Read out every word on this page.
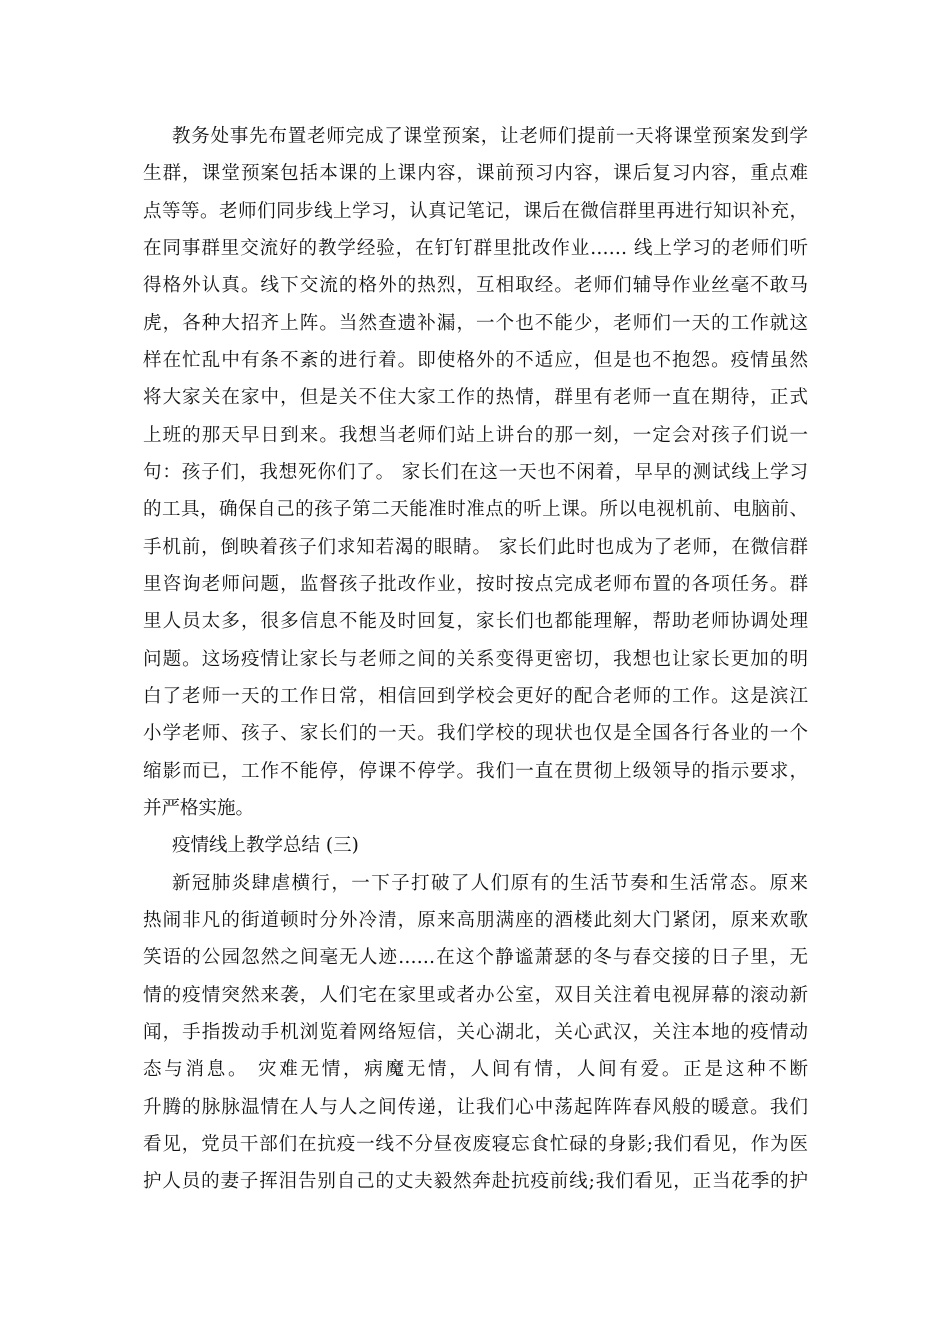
教务处事先布置老师完成了课堂预案，让老师们提前一天将课堂预案发到学
生群，课堂预案包括本课的上课内容，课前预习内容，课后复习内容，重点难
点等等。老师们同步线上学习，认真记笔记，课后在微信群里再进行知识补充，
在同事群里交流好的教学经验，在钉钉群里批改作业…… 线上学习的老师们听
得格外认真。线下交流的格外的热烈，互相取经。老师们辅导作业丝毫不敢马
虎，各种大招齐上阵。当然查遗补漏，一个也不能少，老师们一天的工作就这
样在忙乱中有条不紊的进行着。即使格外的不适应，但是也不抱怨。疫情虽然
将大家关在家中，但是关不住大家工作的热情，群里有老师一直在期待，正式
上班的那天早日到来。我想当老师们站上讲台的那一刻，一定会对孩子们说一
句：孩子们，我想死你们了。 家长们在这一天也不闲着，早早的测试线上学习
的工具，确保自己的孩子第二天能准时准点的听上课。所以电视机前、电脑前、
手机前，倒映着孩子们求知若渴的眼睛。 家长们此时也成为了老师，在微信群
里咨询老师问题，监督孩子批改作业，按时按点完成老师布置的各项任务。群
里人员太多，很多信息不能及时回复，家长们也都能理解，帮助老师协调处理
问题。这场疫情让家长与老师之间的关系变得更密切，我想也让家长更加的明
白了老师一天的工作日常，相信回到学校会更好的配合老师的工作。这是滨江
小学老师、孩子、家长们的一天。我们学校的现状也仅是全国各行各业的一个
缩影而已，工作不能停，停课不停学。我们一直在贯彻上级领导的指示要求，
并严格实施。
疫情线上教学总结 (三)
新冠肺炎肆虐横行，一下子打破了人们原有的生活节奏和生活常态。原来
热闹非凡的街道顿时分外冷清，原来高朋满座的酒楼此刻大门紧闭，原来欢歌
笑语的公园忽然之间毫无人迹……在这个静谧萧瑟的冬与春交接的日子里，无
情的疫情突然来袭，人们宅在家里或者办公室，双目关注着电视屏幕的滚动新
闻，手指拨动手机浏览着网络短信，关心湖北，关心武汉，关注本地的疫情动
态与消息。 灾难无情，病魔无情，人间有情，人间有爱。正是这种不断
升腾的脉脉温情在人与人之间传递，让我们心中荡起阵阵春风般的暖意。我们
看见，党员干部们在抗疫一线不分昼夜废寝忘食忙碌的身影;我们看见，作为医
护人员的妻子挥泪告别自己的丈夫毅然奔赴抗疫前线;我们看见，正当花季的护
